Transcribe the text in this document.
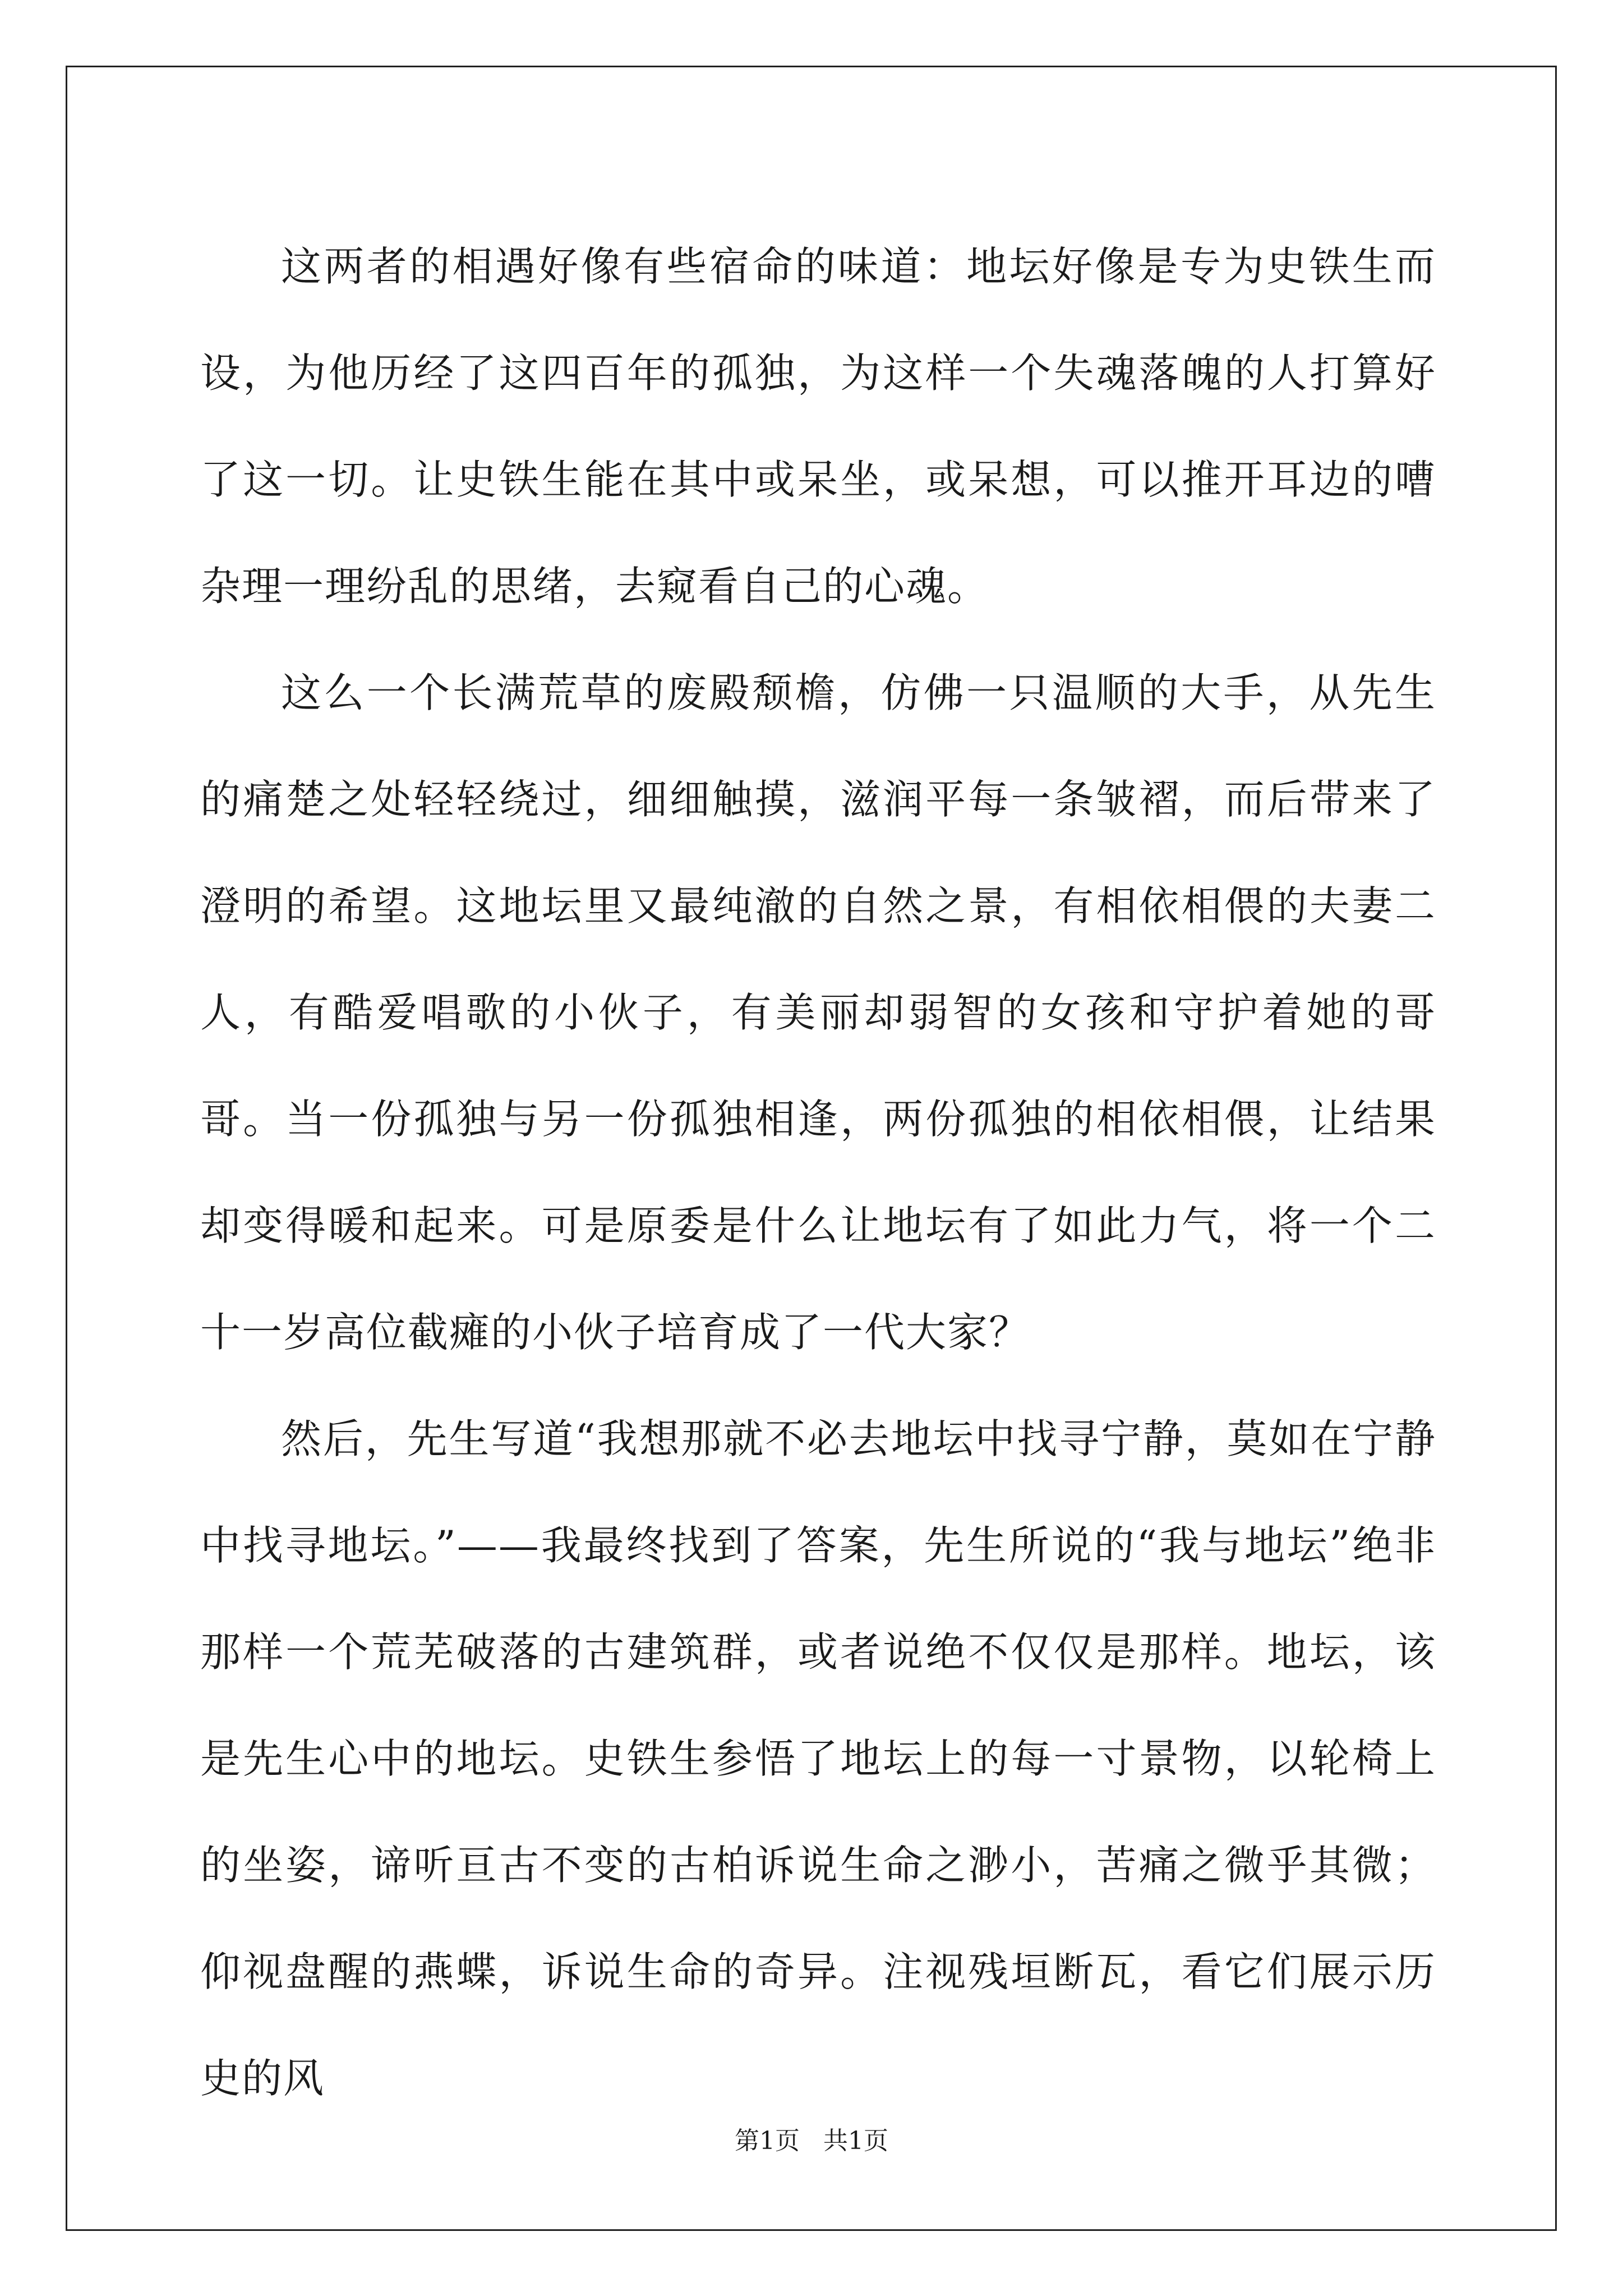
这两者的相遇好像有些宿命的味道：地坛好像是专为史铁生而设，为他历经了这四百年的孤独，为这样一个失魂落魄的人打算好了这一切。让史铁生能在其中或呆坐，或呆想，可以推开耳边的嘈杂理一理纷乱的思绪，去窥看自己的心魂。

这么一个长满荒草的废殿颓檐，仿佛一只温顺的大手，从先生的痛楚之处轻轻绕过，细细触摸，滋润平每一条皱褶，而后带来了澄明的希望。这地坛里又最纯澈的自然之景，有相依相偎的夫妻二人，有酷爱唱歌的小伙子，有美丽却弱智的女孩和守护着她的哥哥。当一份孤独与另一份孤独相逢，两份孤独的相依相偎，让结果却变得暖和起来。可是原委是什么让地坛有了如此力气，将一个二十一岁高位截瘫的小伙子培育成了一代大家？

然后，先生写道“我想那就不必去地坛中找寻宁静，莫如在宁静中找寻地坛。”——我最终找到了答案，先生所说的“我与地坛”绝非那样一个荒芜破落的古建筑群，或者说绝不仅仅是那样。地坛，该是先生心中的地坛。史铁生参悟了地坛上的每一寸景物，以轮椅上的坐姿，谛听亘古不变的古柏诉说生命之渺小，苦痛之微乎其微；仰视盘醒的燕蝶，诉说生命的奇异。注视残垣断瓦，看它们展示历史的风

第1页   共1页
